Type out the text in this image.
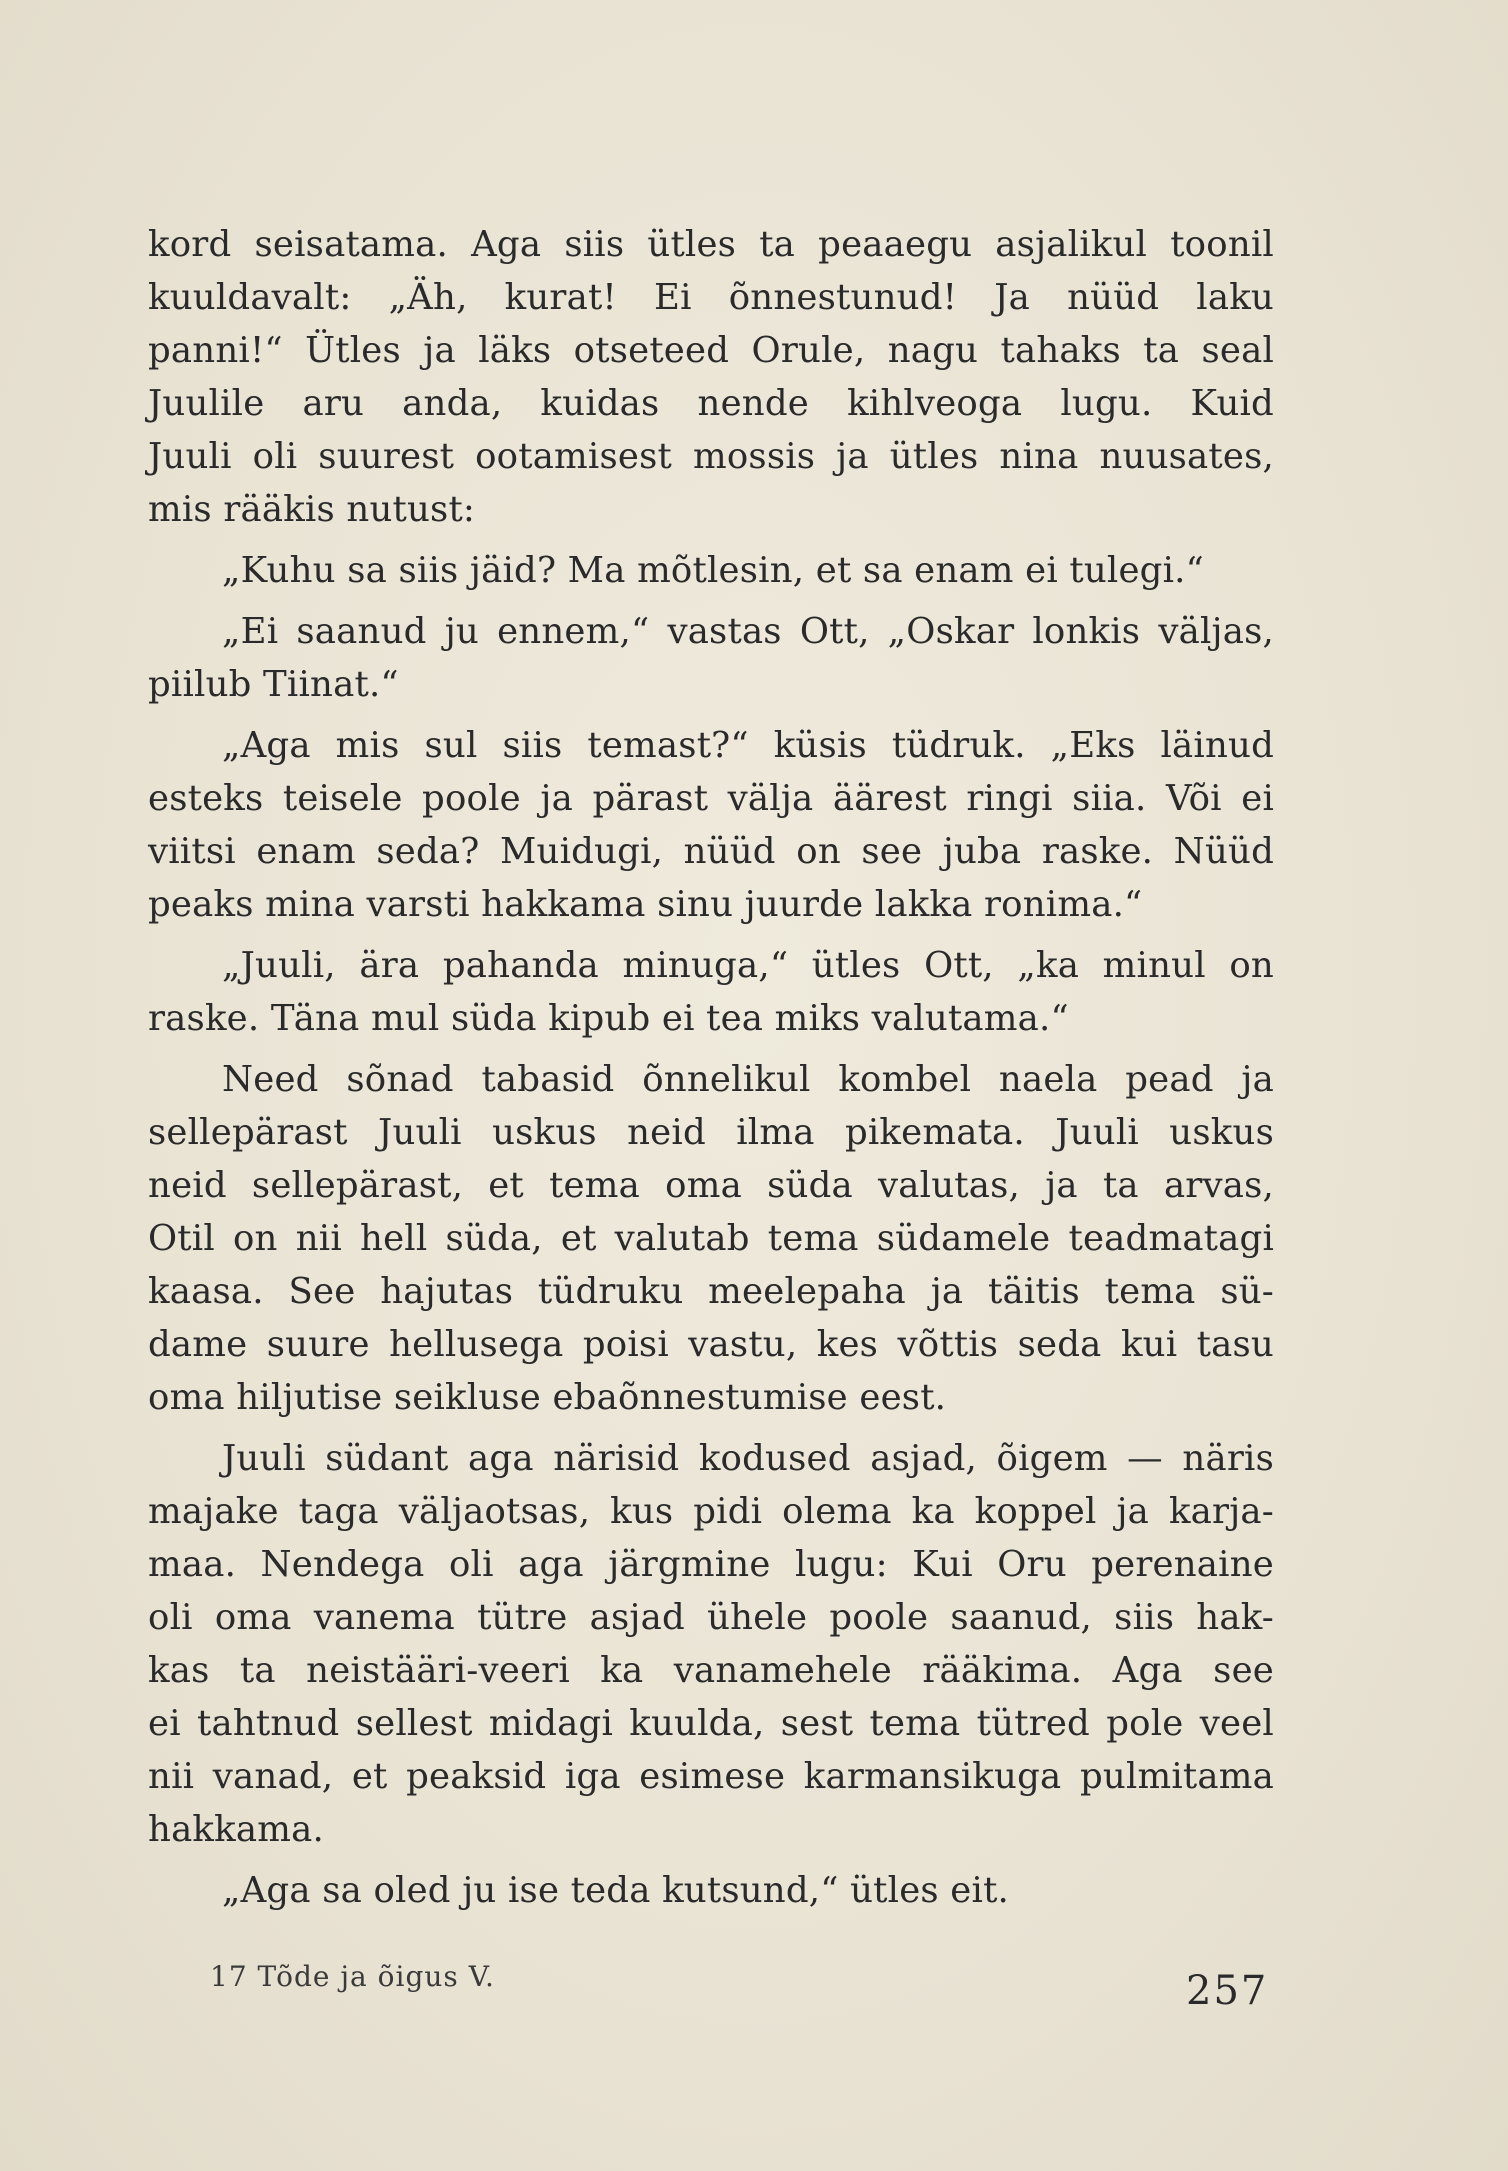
kord seisatama. Aga siis ütles ta peaaegu asjalikul toonil
kuuldavalt: „Äh, kurat! Ei õnnestunud! Ja nüüd laku
panni!“ Ütles ja läks otseteed Orule, nagu tahaks ta seal
Juulile aru anda, kuidas nende kihlveoga lugu. Kuid
Juuli oli suurest ootamisest mossis ja ütles nina nuusates,
mis rääkis nutust:
„Kuhu sa siis jäid? Ma mõtlesin, et sa enam ei tulegi.“
„Ei saanud ju ennem,“ vastas Ott, „Oskar lonkis väljas,
piilub Tiinat.“
„Aga mis sul siis temast?“ küsis tüdruk. „Eks läinud
esteks teisele poole ja pärast välja äärest ringi siia. Või ei
viitsi enam seda? Muidugi, nüüd on see juba raske. Nüüd
peaks mina varsti hakkama sinu juurde lakka ronima.“
„Juuli, ära pahanda minuga,“ ütles Ott, „ka minul on
raske. Täna mul süda kipub ei tea miks valutama.“
Need sõnad tabasid õnnelikul kombel naela pead ja
sellepärast Juuli uskus neid ilma pikemata. Juuli uskus
neid sellepärast, et tema oma süda valutas, ja ta arvas,
Otil on nii hell süda, et valutab tema südamele teadmatagi
kaasa. See hajutas tüdruku meelepaha ja täitis tema sü-
dame suure hellusega poisi vastu, kes võttis seda kui tasu
oma hiljutise seikluse ebaõnnestumise eest.
Juuli südant aga närisid kodused asjad, õigem — näris
majake taga väljaotsas, kus pidi olema ka koppel ja karja-
maa. Nendega oli aga järgmine lugu: Kui Oru perenaine
oli oma vanema tütre asjad ühele poole saanud, siis hak-
kas ta neistääri-veeri ka vanamehele rääkima. Aga see
ei tahtnud sellest midagi kuulda, sest tema tütred pole veel
nii vanad, et peaksid iga esimese karmansikuga pulmitama
hakkama.
„Aga sa oled ju ise teda kutsund,“ ütles eit.
17 Tõde ja õigus V.	257
